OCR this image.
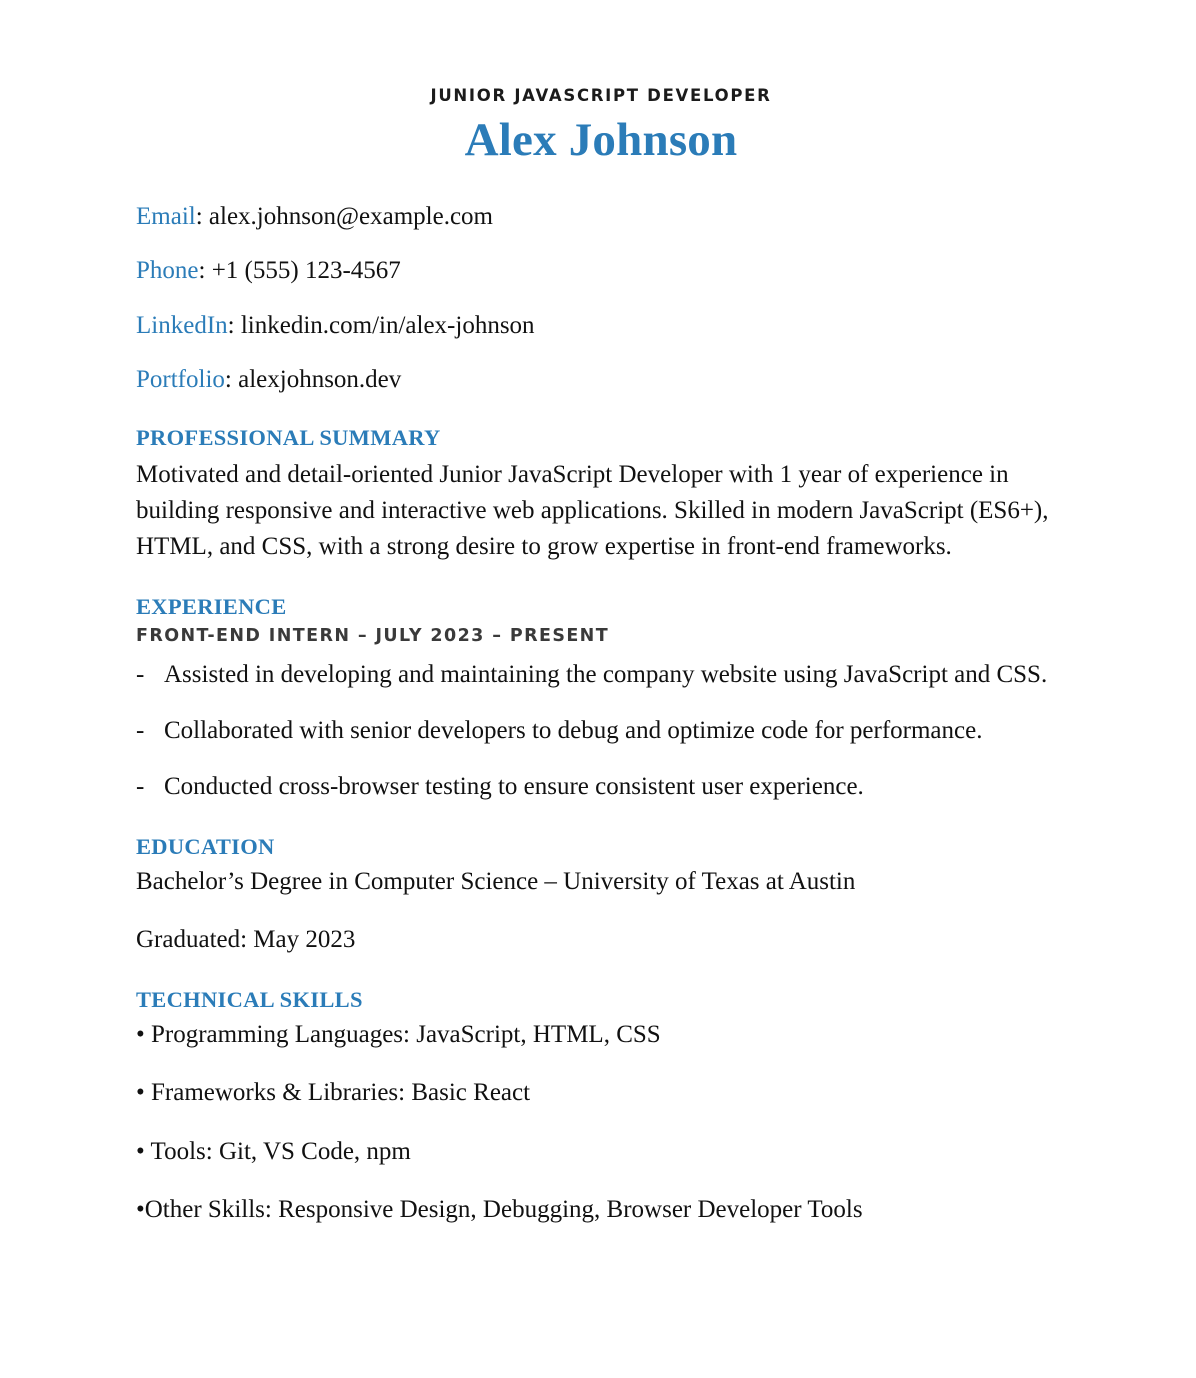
JUNIOR JAVASCRIPT DEVELOPER
Alex Johnson
Email: alex.johnson@example.com
Phone: +1 (555) 123-4567
LinkedIn: linkedin.com/in/alex-johnson
Portfolio: alexjohnson.dev
PROFESSIONAL SUMMARY

Motivated and detail-oriented Junior JavaScript Developer with 1 year of experience in building responsive and interactive web applications. Skilled in modern JavaScript (ES6+), HTML, and CSS, with a strong desire to grow expertise in front-end frameworks.

EXPERIENCE
FRONT-END INTERN – JULY 2023 – PRESENT
- Assisted in developing and maintaining the company website using JavaScript and CSS.
- Collaborated with senior developers to debug and optimize code for performance.
- Conducted cross-browser testing to ensure consistent user experience.
EDUCATION
Bachelor’s Degree in Computer Science – University of Texas at Austin
Graduated: May 2023
TECHNICAL SKILLS
• Programming Languages: JavaScript, HTML, CSS
• Frameworks & Libraries: Basic React
• Tools: Git, VS Code, npm
•Other Skills: Responsive Design, Debugging, Browser Developer Tools
